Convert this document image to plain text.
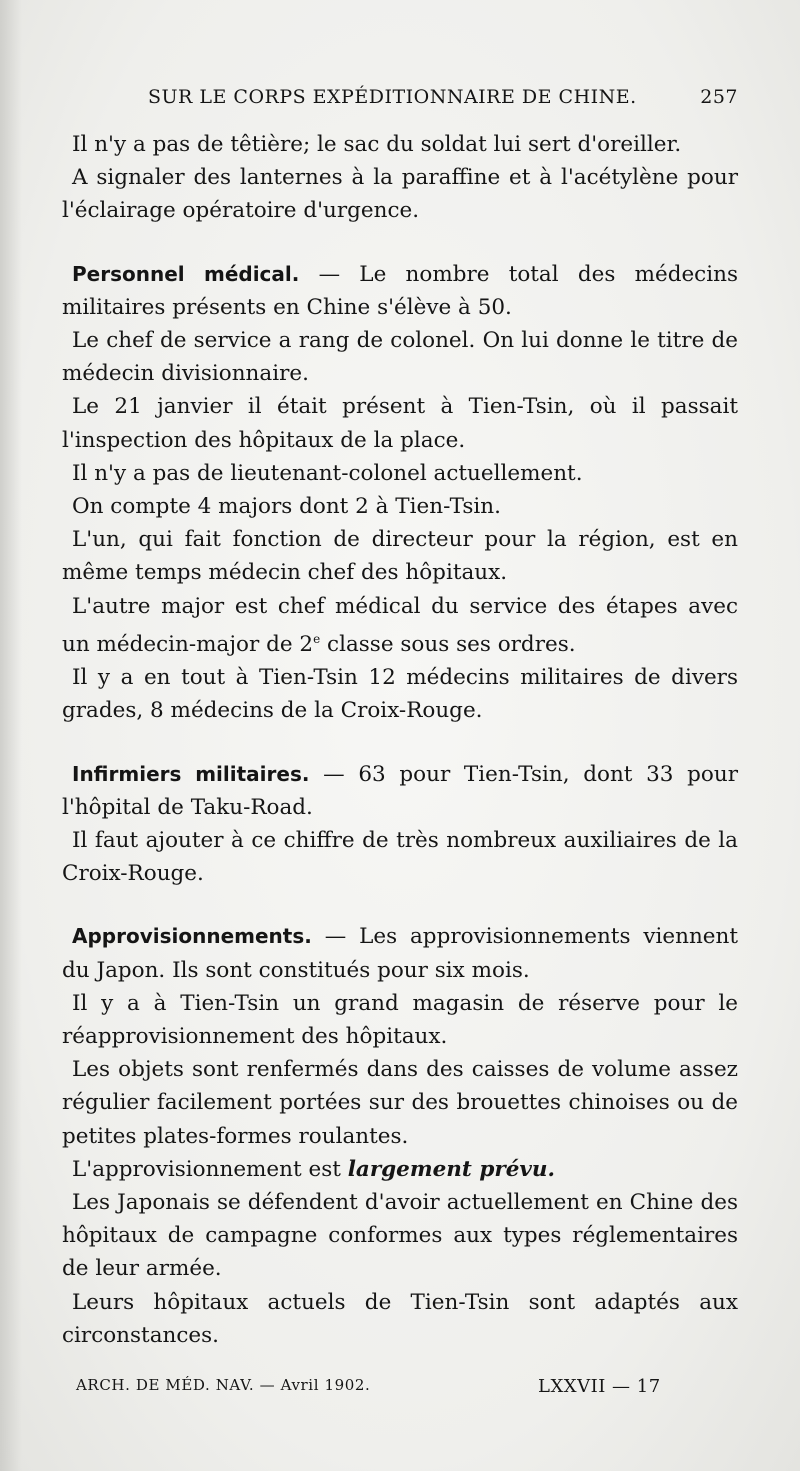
SUR LE CORPS EXPÉDITIONNAIRE DE CHINE.	257

Il n'y a pas de têtière; le sac du soldat lui sert d'oreiller.

A signaler des lanternes à la paraffine et à l'acétylène pour l'éclairage opératoire d'urgence.

Personnel médical. — Le nombre total des médecins militaires présents en Chine s'élève à 50.

Le chef de service a rang de colonel. On lui donne le titre de médecin divisionnaire.

Le 21 janvier il était présent à Tien-Tsin, où il passait l'inspection des hôpitaux de la place.

Il n'y a pas de lieutenant-colonel actuellement.

On compte 4 majors dont 2 à Tien-Tsin.

L'un, qui fait fonction de directeur pour la région, est en même temps médecin chef des hôpitaux.

L'autre major est chef médical du service des étapes avec un médecin-major de 2e classe sous ses ordres.

Il y a en tout à Tien-Tsin 12 médecins militaires de divers grades, 8 médecins de la Croix-Rouge.

Infirmiers militaires. — 63 pour Tien-Tsin, dont 33 pour l'hôpital de Taku-Road.

Il faut ajouter à ce chiffre de très nombreux auxiliaires de la Croix-Rouge.

Approvisionnements. — Les approvisionnements viennent du Japon. Ils sont constitués pour six mois.

Il y a à Tien-Tsin un grand magasin de réserve pour le réapprovisionnement des hôpitaux.

Les objets sont renfermés dans des caisses de volume assez régulier facilement portées sur des brouettes chinoises ou de petites plates-formes roulantes.

L'approvisionnement est largement prévu.

Les Japonais se défendent d'avoir actuellement en Chine des hôpitaux de campagne conformes aux types réglementaires de leur armée.

Leurs hôpitaux actuels de Tien-Tsin sont adaptés aux circonstances.

ARCH. DE MÉD. NAV. — Avril 1902.	LXXVII — 17
